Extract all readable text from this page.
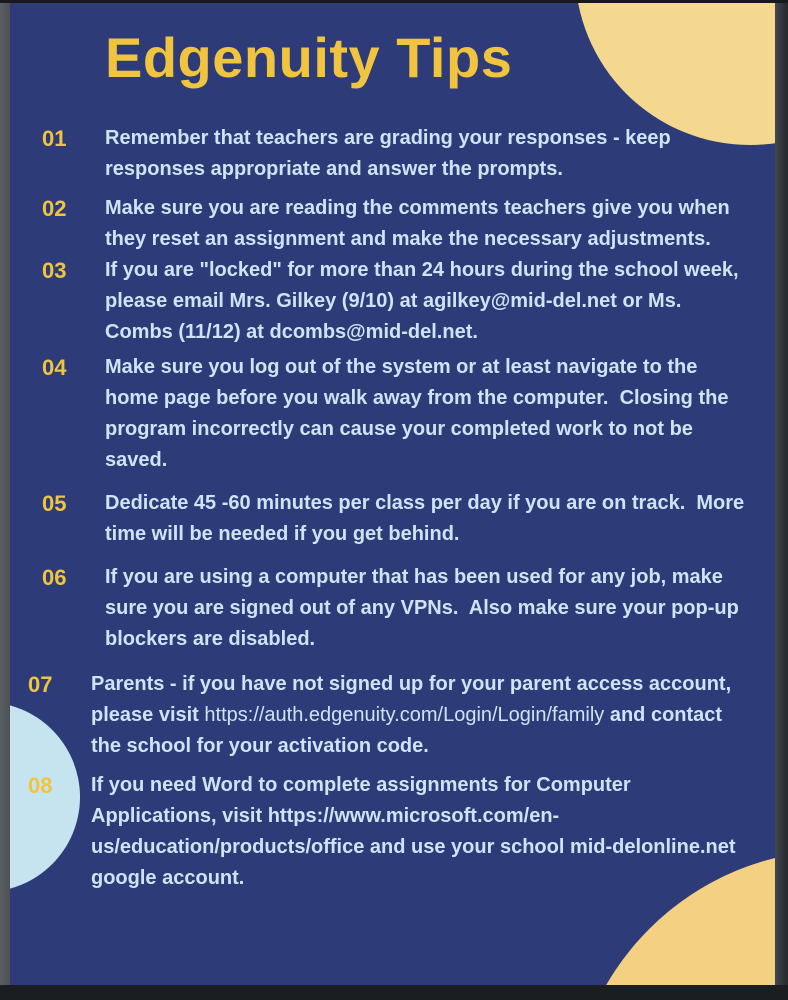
Edgenuity Tips
01	Remember that teachers are grading your responses - keep responses appropriate and answer the prompts.

02	Make sure you are reading the comments teachers give you when they reset an assignment and make the necessary adjustments.

03	If you are "locked" for more than 24 hours during the school week, please email Mrs. Gilkey (9/10) at agilkey@mid-del.net or Ms. Combs (11/12) at dcombs@mid-del.net.

04	Make sure you log out of the system or at least navigate to the home page before you walk away from the computer.  Closing the program incorrectly can cause your completed work to not be saved.

05	Dedicate 45 -60 minutes per class per day if you are on track.  More time will be needed if you get behind.

06	If you are using a computer that has been used for any job, make sure you are signed out of any VPNs.  Also make sure your pop-up blockers are disabled.

07	Parents - if you have not signed up for your parent access account, please visit https://auth.edgenuity.com/Login/Login/family and contact the school for your activation code.

08	If you need Word to complete assignments for Computer Applications, visit https://www.microsoft.com/en-us/education/products/office and use your school mid-delonline.net google account.
